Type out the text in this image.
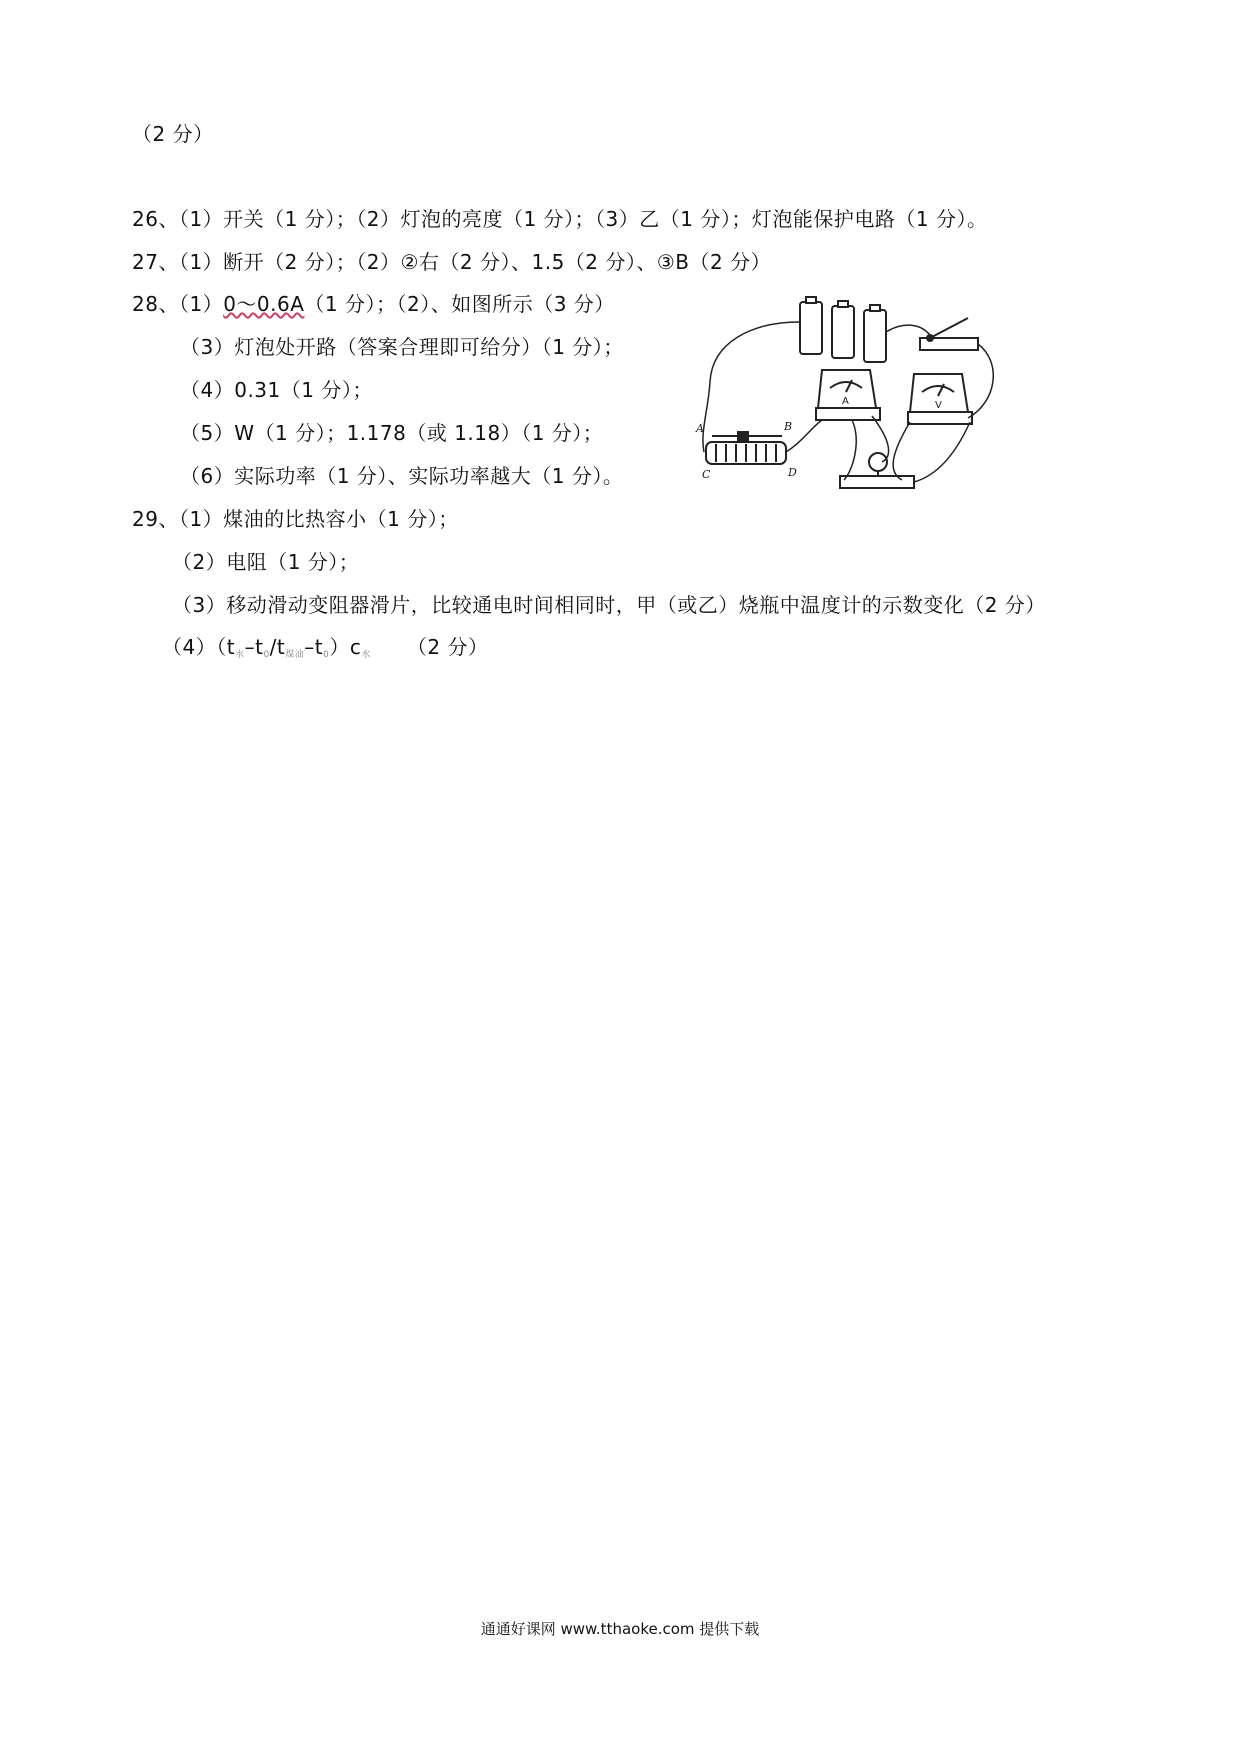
（2 分）
26、（1）开关（1 分）；（2）灯泡的亮度（1 分）；（3）乙（1 分）；灯泡能保护电路（1 分）。
27、（1）断开（2 分）；（2）②右（2 分）、1.5（2 分）、③B（2 分）
28、（1）0～0.6A（1 分）；（2）、如图所示（3 分）
（3）灯泡处开路（答案合理即可给分）（1 分）；
（4）0.31（1 分）；
（5）W（1 分）；1.178（或 1.18）（1 分）；
（6）实际功率（1 分）、实际功率越大（1 分）。
29、（1）煤油的比热容小（1 分）；
（2）电阻（1 分）；
（3）移动滑动变阻器滑片，比较通电时间相同时，甲（或乙）烧瓶中温度计的示数变化（2 分）
$(4)(t_水-t_0/t_{煤油}-t_0)c_水$ （2 分）
A	V
A	B
C	D
通通好课网 www.tthaoke.com 提供下载
